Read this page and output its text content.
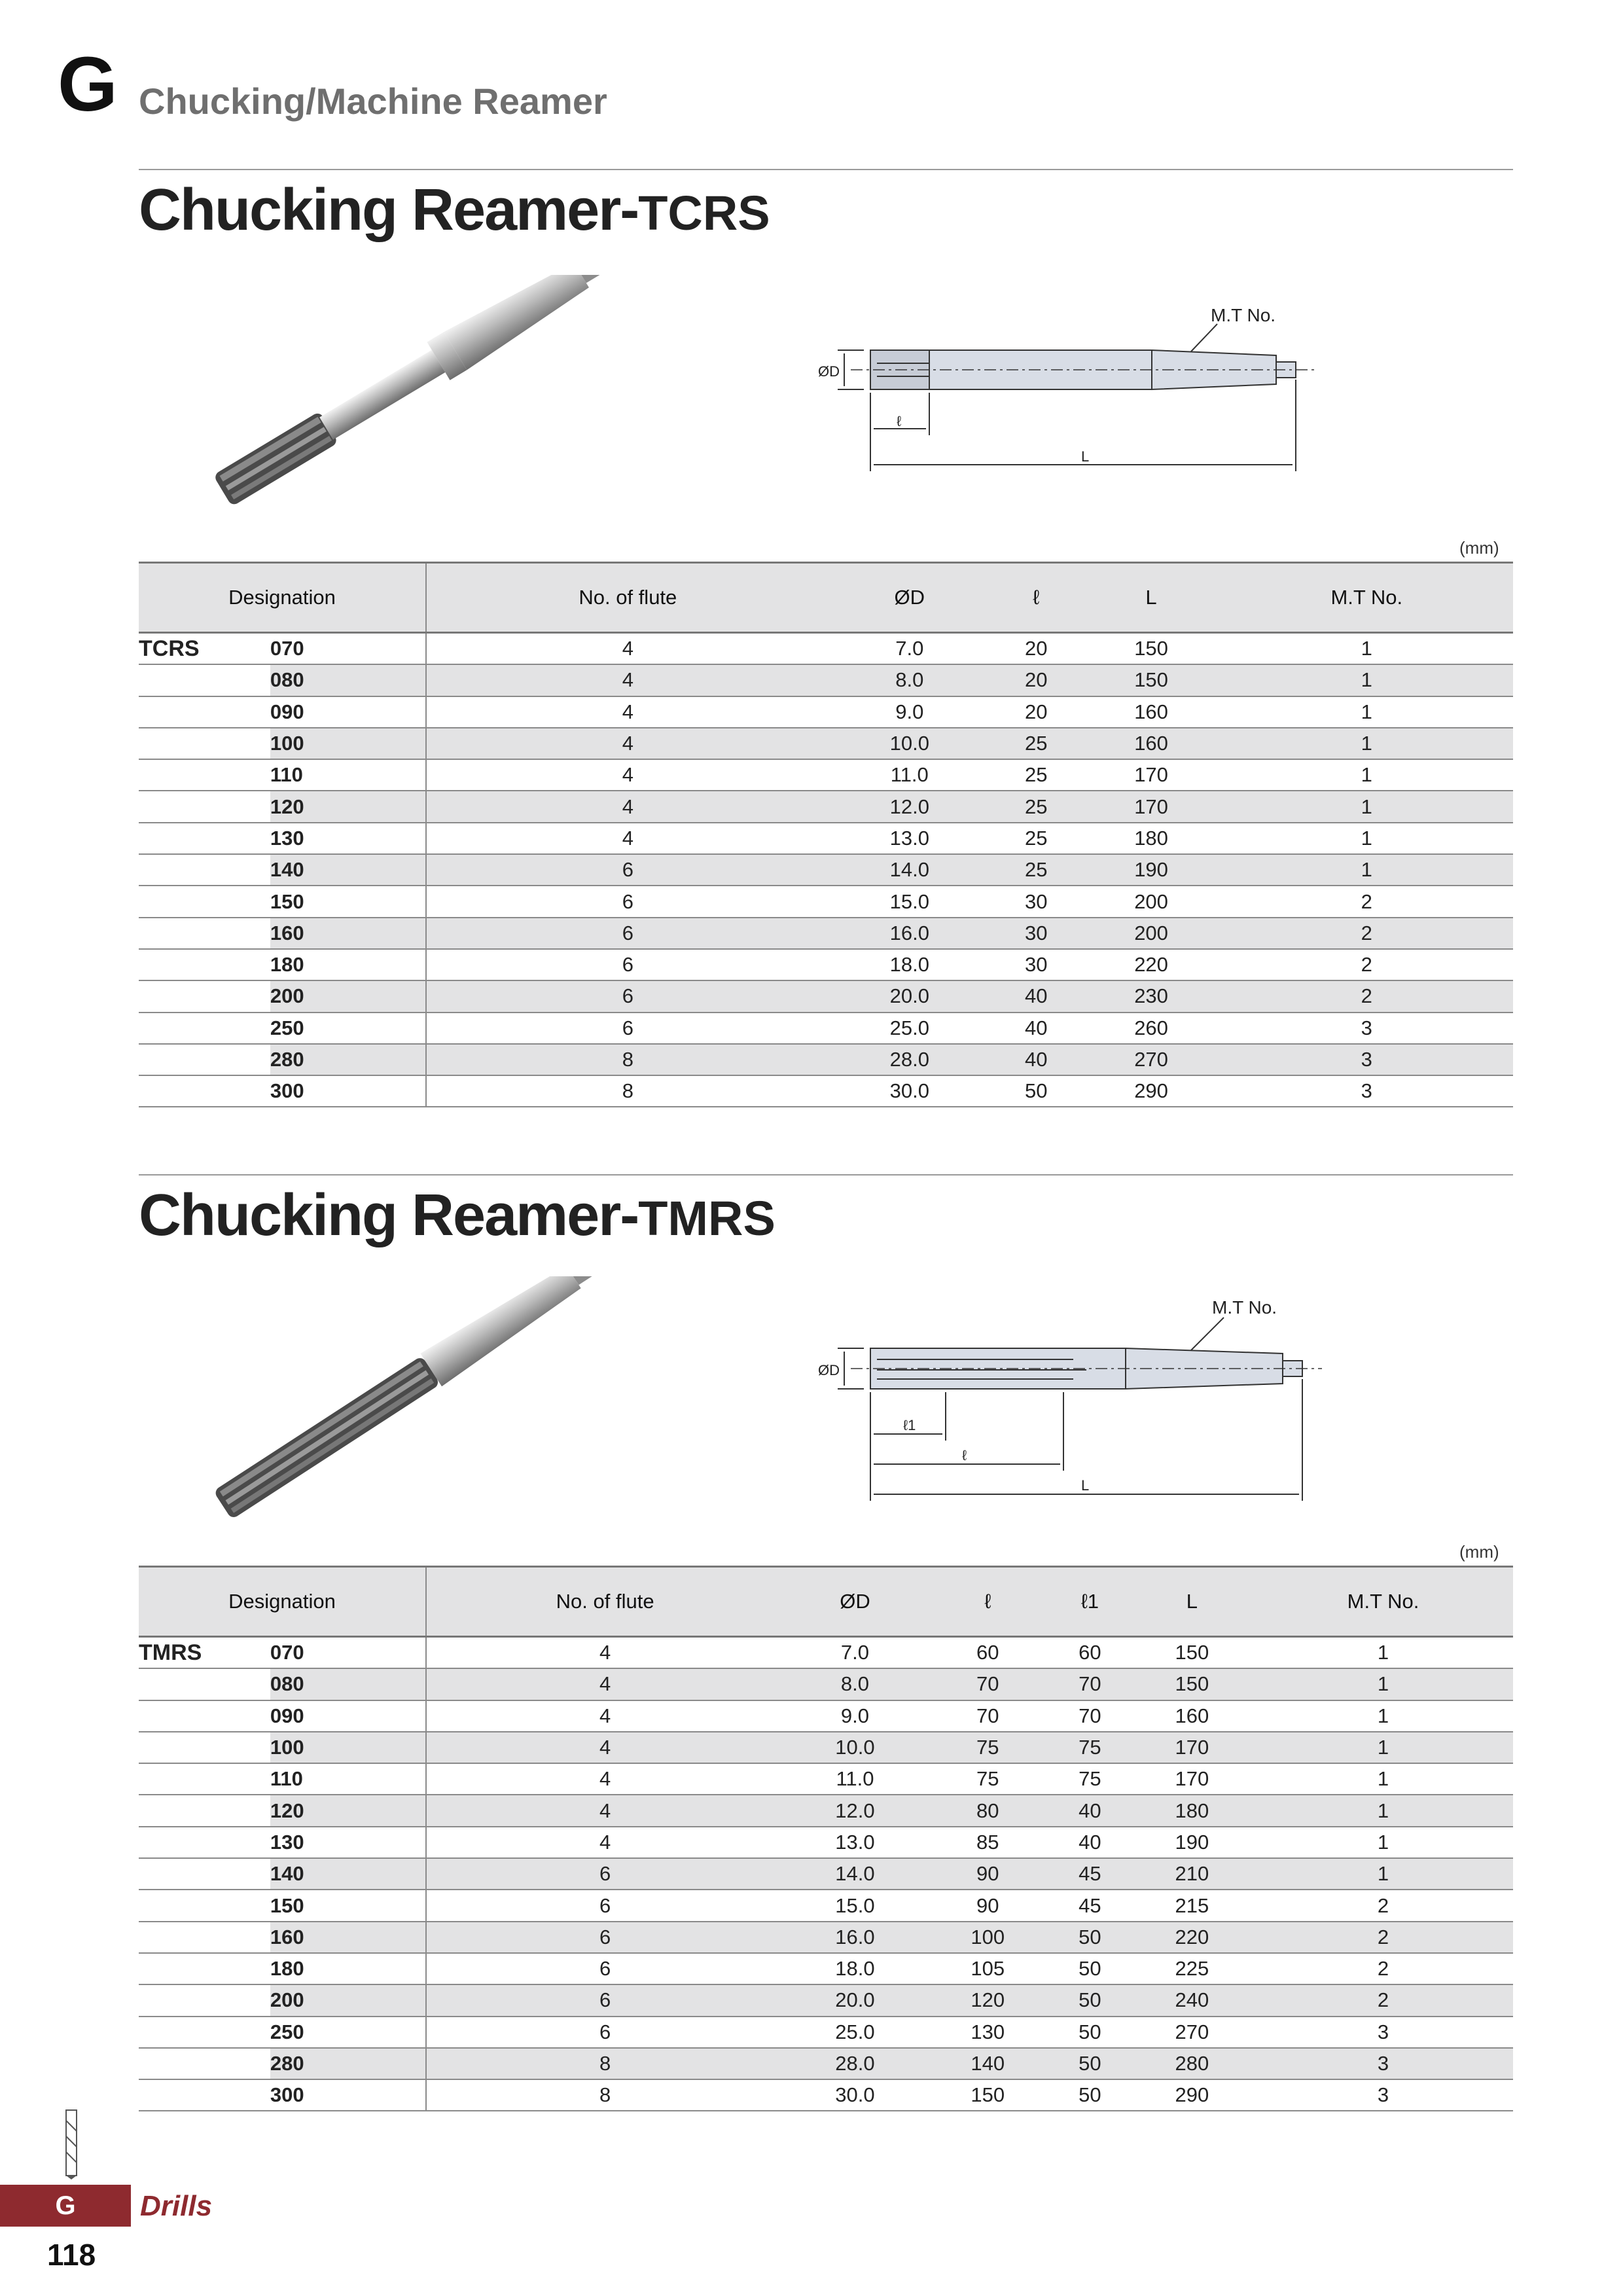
G Chucking/Machine Reamer
Chucking Reamer-TCRS
M.T No.
ØD
ℓ
L
(mm)
Designation		No. of flute	ØD	ℓ	L	M.T No.
TCRS	070	4	7.0	20	150	1
	080	4	8.0	20	150	1
	090	4	9.0	20	160	1
	100	4	10.0	25	160	1
	110	4	11.0	25	170	1
	120	4	12.0	25	170	1
	130	4	13.0	25	180	1
	140	6	14.0	25	190	1
	150	6	15.0	30	200	2
	160	6	16.0	30	200	2
	180	6	18.0	30	220	2
	200	6	20.0	40	230	2
	250	6	25.0	40	260	3
	280	8	28.0	40	270	3
	300	8	30.0	50	290	3
Chucking Reamer-TMRS
M.T No.
ØD
ℓ1
ℓ
L
(mm)
Designation		No. of flute	ØD	ℓ	ℓ1	L	M.T No.
TMRS	070	4	7.0	60	60	150	1
	080	4	8.0	70	70	150	1
	090	4	9.0	70	70	160	1
	100	4	10.0	75	75	170	1
	110	4	11.0	75	75	170	1
	120	4	12.0	80	40	180	1
	130	4	13.0	85	40	190	1
	140	6	14.0	90	45	210	1
	150	6	15.0	90	45	215	2
	160	6	16.0	100	50	220	2
	180	6	18.0	105	50	225	2
	200	6	20.0	120	50	240	2
	250	6	25.0	130	50	270	3
	280	8	28.0	140	50	280	3
	300	8	30.0	150	50	290	3
G	Drills
118
